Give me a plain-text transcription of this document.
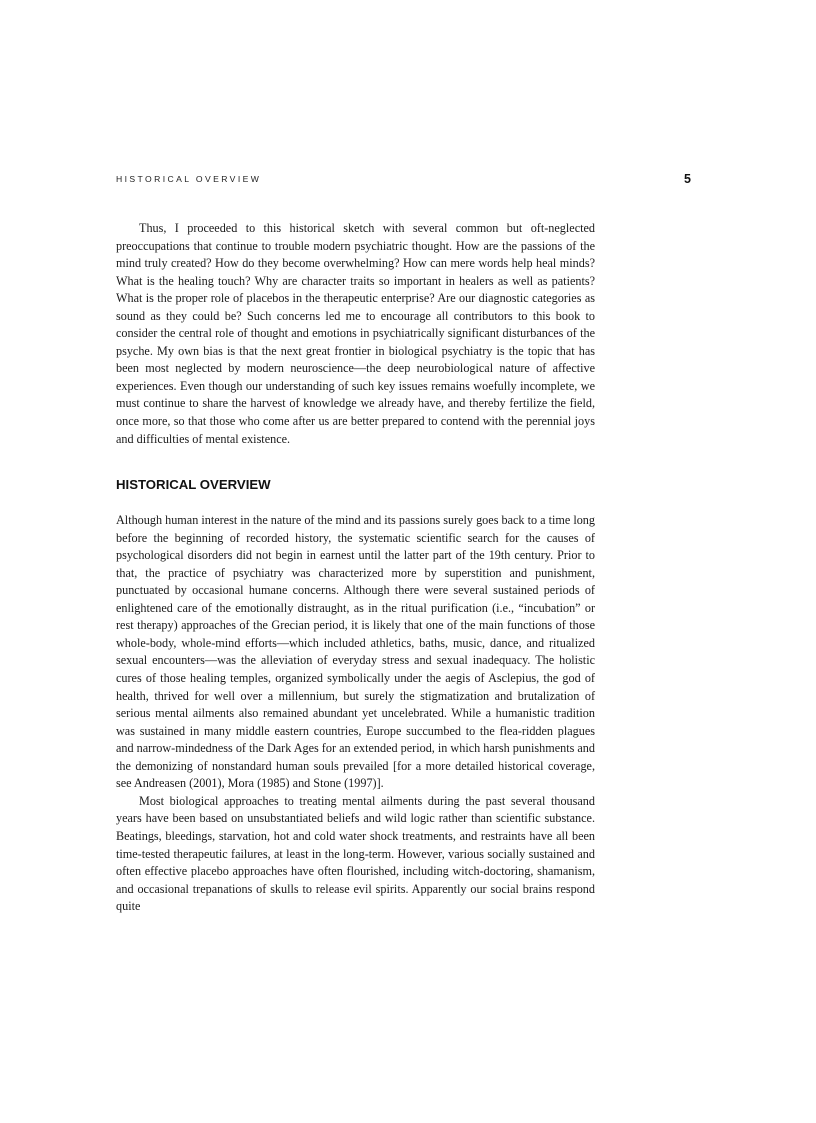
HISTORICAL OVERVIEW	5

Thus, I proceeded to this historical sketch with several common but oft-neglected preoccupations that continue to trouble modern psychiatric thought. How are the passions of the mind truly created? How do they become overwhelming? How can mere words help heal minds? What is the healing touch? Why are character traits so important in healers as well as patients? What is the proper role of placebos in the therapeutic enterprise? Are our diagnostic categories as sound as they could be? Such concerns led me to encourage all contributors to this book to consider the central role of thought and emotions in psychiatrically significant disturbances of the psyche. My own bias is that the next great frontier in biological psychiatry is the topic that has been most neglected by modern neuroscience—the deep neurobiological nature of affective experiences. Even though our understanding of such key issues remains woefully incomplete, we must continue to share the harvest of knowledge we already have, and thereby fertilize the field, once more, so that those who come after us are better prepared to contend with the perennial joys and difficulties of mental existence.

HISTORICAL OVERVIEW

Although human interest in the nature of the mind and its passions surely goes back to a time long before the beginning of recorded history, the systematic scientific search for the causes of psychological disorders did not begin in earnest until the latter part of the 19th century. Prior to that, the practice of psychiatry was characterized more by superstition and punishment, punctuated by occasional humane concerns. Although there were several sustained periods of enlightened care of the emotionally distraught, as in the ritual purification (i.e., “incubation” or rest therapy) approaches of the Grecian period, it is likely that one of the main functions of those whole-body, whole-mind efforts—which included athletics, baths, music, dance, and ritualized sexual encounters—was the alleviation of everyday stress and sexual inadequacy. The holistic cures of those healing temples, organized symbolically under the aegis of Asclepius, the god of health, thrived for well over a millennium, but surely the stigmatization and brutalization of serious mental ailments also remained abundant yet uncelebrated. While a humanistic tradition was sustained in many middle eastern countries, Europe succumbed to the flea-ridden plagues and narrow-mindedness of the Dark Ages for an extended period, in which harsh punishments and the demonizing of nonstandard human souls prevailed [for a more detailed historical coverage, see Andreasen (2001), Mora (1985) and Stone (1997)].

Most biological approaches to treating mental ailments during the past several thousand years have been based on unsubstantiated beliefs and wild logic rather than scientific substance. Beatings, bleedings, starvation, hot and cold water shock treatments, and restraints have all been time-tested therapeutic failures, at least in the long-term. However, various socially sustained and often effective placebo approaches have often flourished, including witch-doctoring, shamanism, and occasional trepanations of skulls to release evil spirits. Apparently our social brains respond quite
